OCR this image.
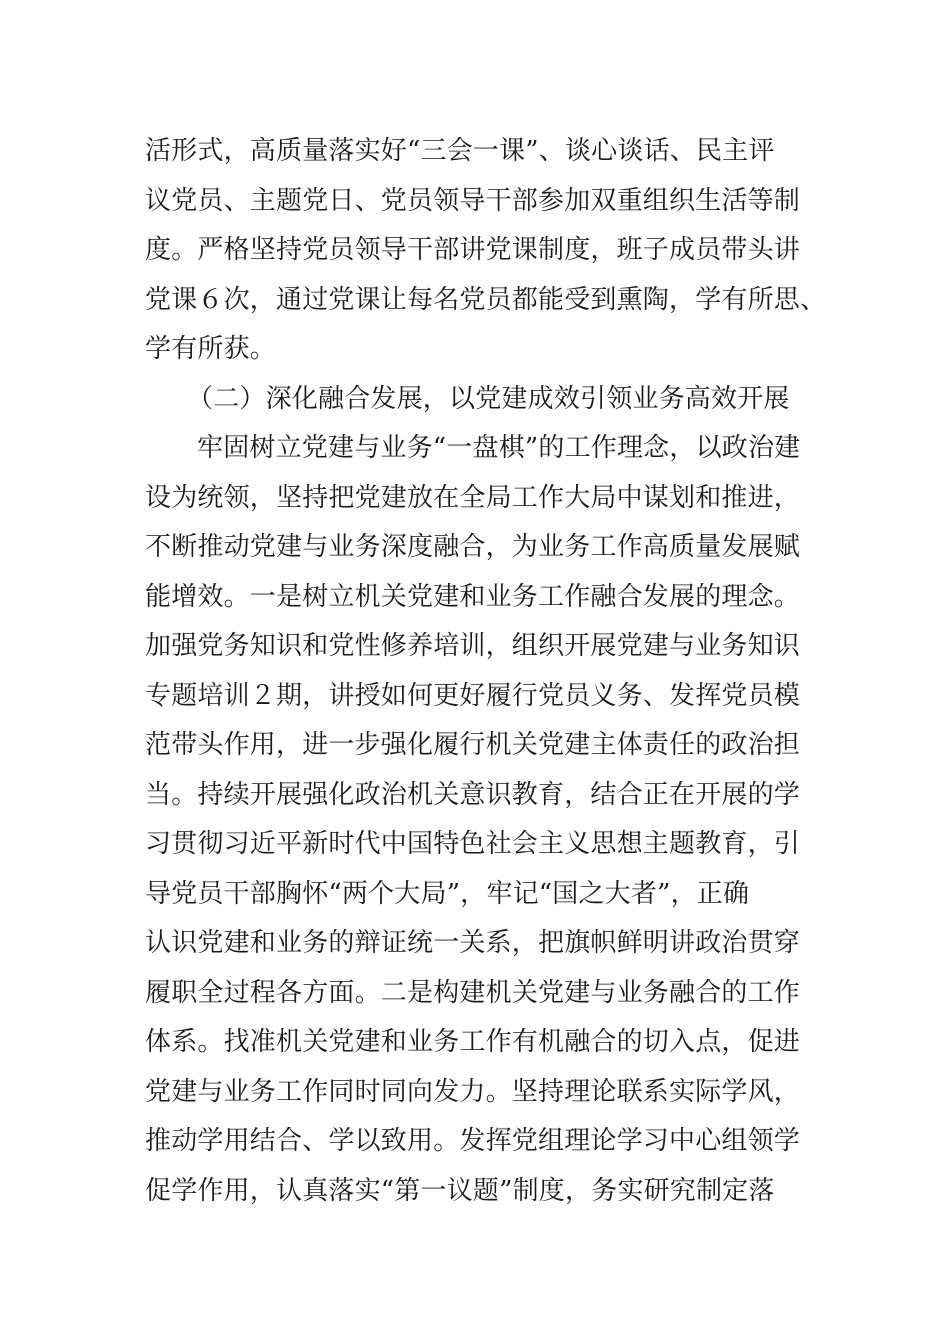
活形式，高质量落实好“三会一课”、谈心谈话、民主评
议党员、主题党日、党员领导干部参加双重组织生活等制
度。严格坚持党员领导干部讲党课制度，班子成员带头讲
党课６次，通过党课让每名党员都能受到熏陶，学有所思、
学有所获。
（二）深化融合发展，以党建成效引领业务高效开展
牢固树立党建与业务“一盘棋”的工作理念，以政治建
设为统领，坚持把党建放在全局工作大局中谋划和推进，
不断推动党建与业务深度融合，为业务工作高质量发展赋
能增效。一是树立机关党建和业务工作融合发展的理念。
加强党务知识和党性修养培训，组织开展党建与业务知识
专题培训２期，讲授如何更好履行党员义务、发挥党员模
范带头作用，进一步强化履行机关党建主体责任的政治担
当。持续开展强化政治机关意识教育，结合正在开展的学
习贯彻习近平新时代中国特色社会主义思想主题教育，引
导党员干部胸怀“两个大局”，牢记“国之大者”，正确
认识党建和业务的辩证统一关系，把旗帜鲜明讲政治贯穿
履职全过程各方面。二是构建机关党建与业务融合的工作
体系。找准机关党建和业务工作有机融合的切入点，促进
党建与业务工作同时同向发力。坚持理论联系实际学风，
推动学用结合、学以致用。发挥党组理论学习中心组领学
促学作用，认真落实“第一议题”制度，务实研究制定落
